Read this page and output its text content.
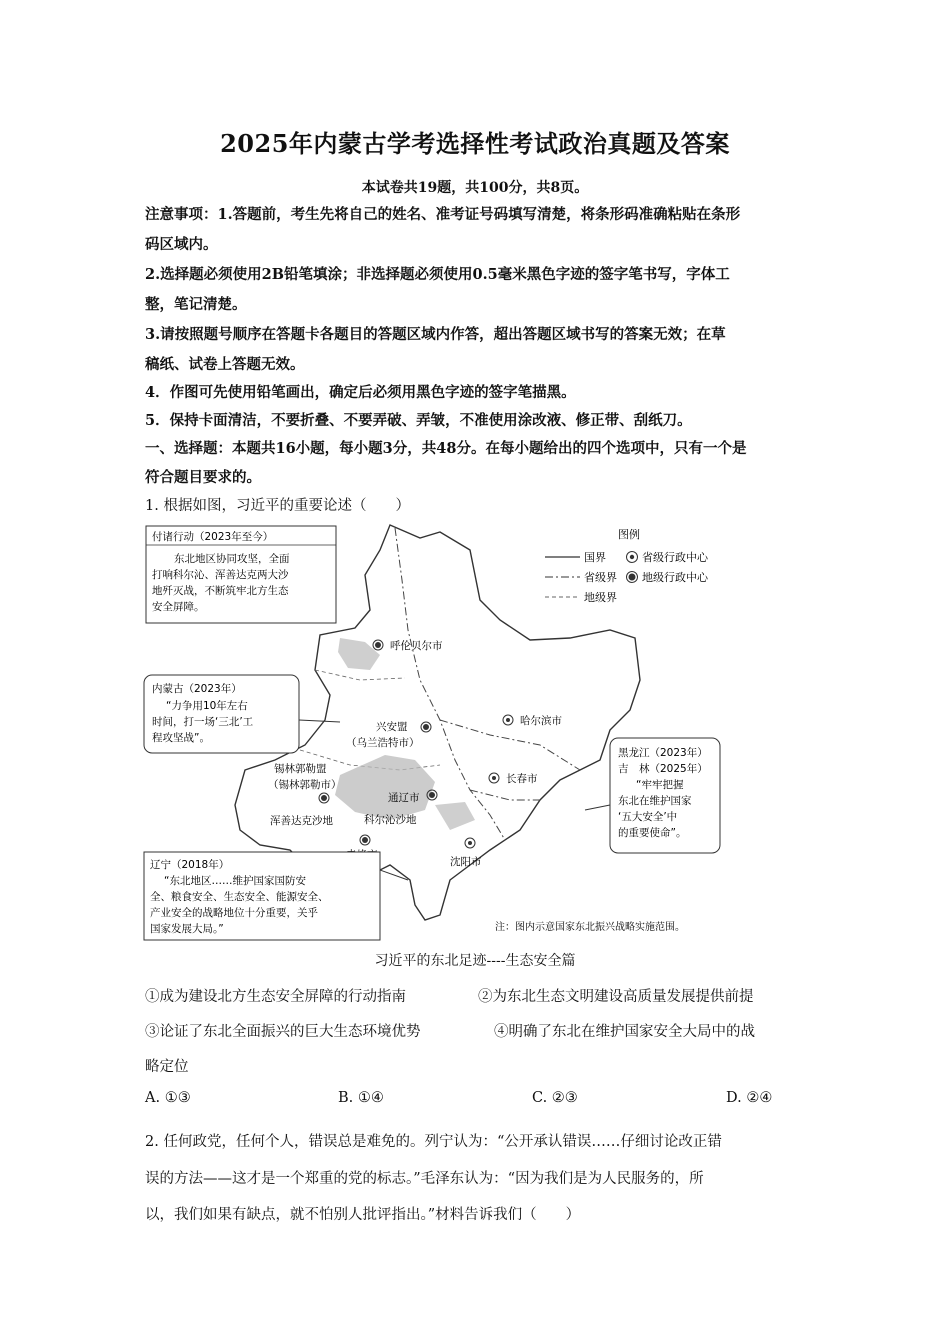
2025年内蒙古学考选择性考试政治真题及答案
本试卷共19题，共100分，共8页。
注意事项：1.答题前，考生先将自己的姓名、准考证号码填写清楚，将条形码准确粘贴在条形
码区域内。
2.选择题必须使用2B铅笔填涂；非选择题必须使用0.5毫米黑色字迹的签字笔书写，字体工
整，笔记清楚。
3.请按照题号顺序在答题卡各题目的答题区域内作答，超出答题区域书写的答案无效；在草
稿纸、试卷上答题无效。
4．作图可先使用铅笔画出，确定后必须用黑色字迹的签字笔描黑。
5．保持卡面清洁，不要折叠、不要弄破、弄皱，不准使用涂改液、修正带、刮纸刀。
一、选择题：本题共16小题，每小题3分，共48分。在每小题给出的四个选项中，只有一个是
符合题目要求的。
1. 根据如图，习近平的重要论述（　　）
图例
国界
省级界
地级界
省级行政中心
地级行政中心
呼伦贝尔市
兴安盟
（乌兰浩特市）
哈尔滨市
长春市
锡林郭勒盟
（锡林郭勒市）
通辽市
浑善达克沙地	科尔沁沙地
沈阳市
付诸行动（2023年至今）
东北地区协同攻坚，全面
打响科尔沁、浑善达克两大沙
地歼灭战，不断筑牢北方生态
安全屏障。
内蒙古（2023年）
“力争用10年左右
时间，打一场‘三北’工
程攻坚战”。
黑龙江（2023年）
吉　林（2025年）
“牢牢把握
东北在维护国家
‘五大安全’中
的重要使命”。
辽宁（2018年）
“东北地区……维护国家国防安
全、粮食安全、生态安全、能源安全、
产业安全的战略地位十分重要，关乎
国家发展大局。”	注：图内示意国家东北振兴战略实施范围。
习近平的东北足迹----生态安全篇
①成为建设北方生态安全屏障的行动指南	②为东北生态文明建设高质量发展提供前提
③论证了东北全面振兴的巨大生态环境优势	④明确了东北在维护国家安全大局中的战
略定位
A. ①③	B. ①④	C. ②③	D. ②④
2. 任何政党，任何个人，错误总是难免的。列宁认为：“公开承认错误……仔细讨论改正错
误的方法——这才是一个郑重的党的标志。”毛泽东认为：“因为我们是为人民服务的，所
以，我们如果有缺点，就不怕别人批评指出。”材料告诉我们（　　）
